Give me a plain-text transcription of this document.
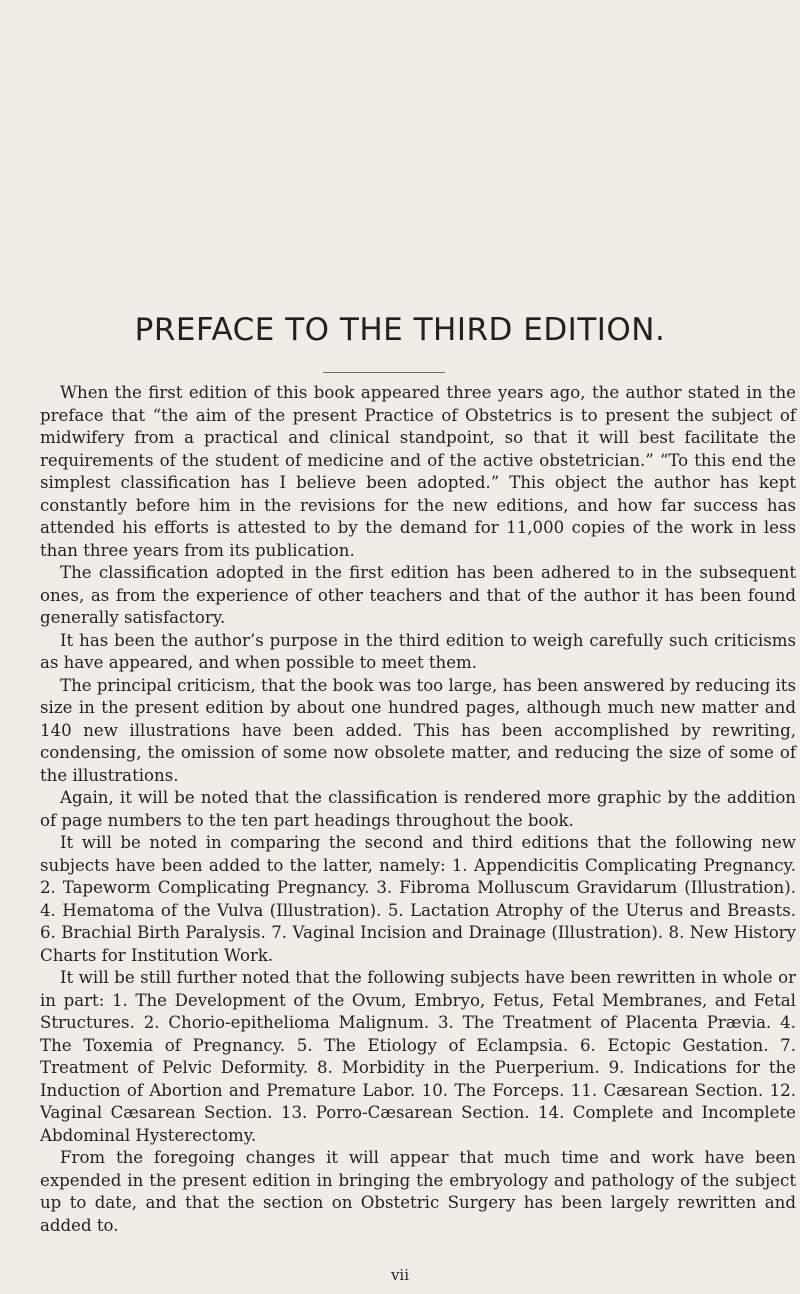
PREFACE TO THE THIRD EDITION.

When the first edition of this book appeared three years ago, the author stated in the preface that “the aim of the present Practice of Obstetrics is to present the subject of midwifery from a practical and clinical standpoint, so that it will best facilitate the requirements of the student of medicine and of the active obstetrician.” “To this end the simplest classification has I believe been adopted.” This object the author has kept constantly before him in the revisions for the new editions, and how far success has attended his efforts is attested to by the demand for 11,000 copies of the work in less than three years from its publication.

The classification adopted in the first edition has been adhered to in the subsequent ones, as from the experience of other teachers and that of the author it has been found generally satisfactory.

It has been the author’s purpose in the third edition to weigh carefully such criticisms as have appeared, and when possible to meet them.

The principal criticism, that the book was too large, has been answered by reducing its size in the present edition by about one hundred pages, although much new matter and 140 new illustrations have been added. This has been accomplished by rewriting, condensing, the omission of some now obsolete matter, and reducing the size of some of the illustrations.

Again, it will be noted that the classification is rendered more graphic by the addition of page numbers to the ten part headings throughout the book.

It will be noted in comparing the second and third editions that the following new subjects have been added to the latter, namely: 1. Appendicitis Complicating Pregnancy. 2. Tapeworm Complicating Pregnancy. 3. Fibroma Molluscum Gravidarum (Illustration). 4. Hematoma of the Vulva (Illustration). 5. Lactation Atrophy of the Uterus and Breasts. 6. Brachial Birth Paralysis. 7. Vaginal Incision and Drainage (Illustration). 8. New History Charts for Institution Work.

It will be still further noted that the following subjects have been rewritten in whole or in part: 1. The Development of the Ovum, Embryo, Fetus, Fetal Membranes, and Fetal Structures. 2. Chorio-epithelioma Malignum. 3. The Treatment of Placenta Prævia. 4. The Toxemia of Pregnancy. 5. The Etiology of Eclampsia. 6. Ectopic Gestation. 7. Treatment of Pelvic Deformity. 8. Morbidity in the Puerperium. 9. Indications for the Induction of Abortion and Premature Labor. 10. The Forceps. 11. Cæsarean Section. 12. Vaginal Cæsarean Section. 13. Porro-Cæsarean Section. 14. Complete and Incomplete Abdominal Hysterectomy.

From the foregoing changes it will appear that much time and work have been expended in the present edition in bringing the embryology and pathology of the subject up to date, and that the section on Obstetric Surgery has been largely rewritten and added to.

vii
